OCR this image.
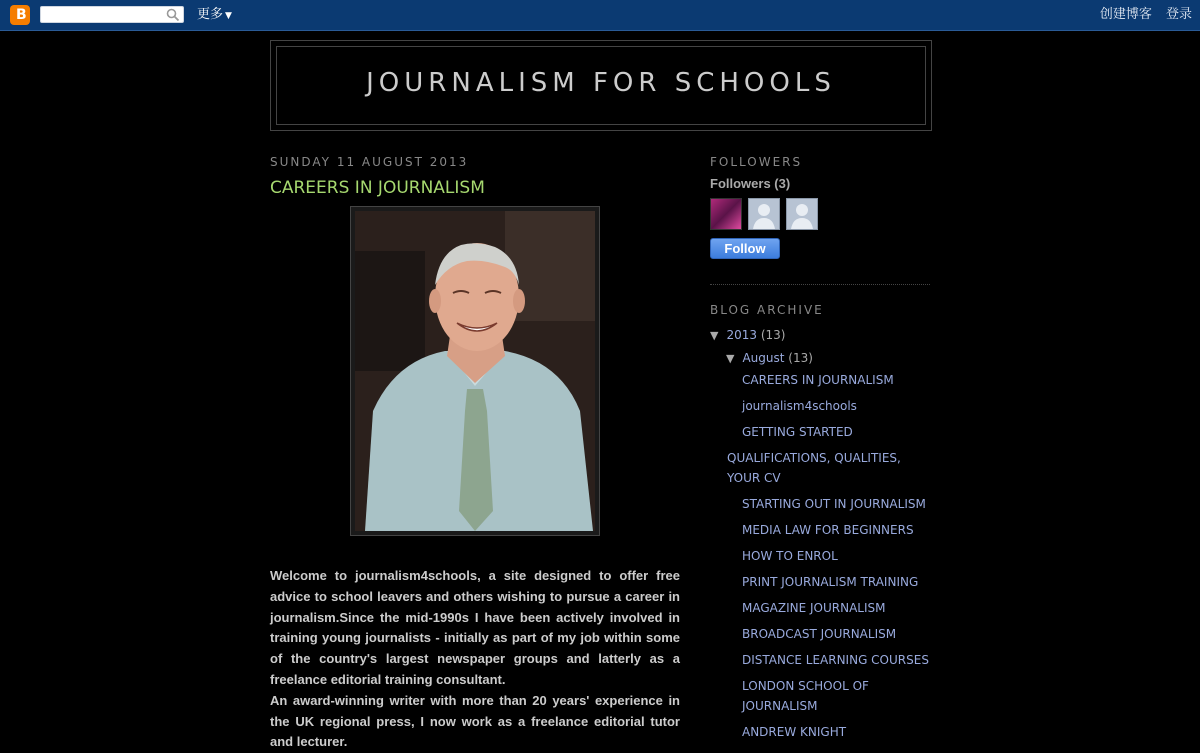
B	更多 ▼	创建博客 登录
JOURNALISM FOR SCHOOLS
SUNDAY 11 AUGUST 2013
CAREERS IN JOURNALISM

Welcome to journalism4schools, a site designed to offer free advice to school leavers and others wishing to pursue a career in journalism.Since the mid-1990s I have been actively involved in training young journalists - initially as part of my job within some of the country's largest newspaper groups and latterly as a freelance editorial training consultant.

An award-winning writer with more than 20 years' experience in the UK regional press, I now work as a freelance editorial tutor and lecturer.

FOLLOWERS
Followers (3)
Follow
BLOG ARCHIVE
▼ 2013 (13)
▼ August (13)
CAREERS IN JOURNALISM
journalism4schools
GETTING STARTED
QUALIFICATIONS, QUALITIES, YOUR CV
STARTING OUT IN JOURNALISM
MEDIA LAW FOR BEGINNERS
HOW TO ENROL
PRINT JOURNALISM TRAINING
MAGAZINE JOURNALISM
BROADCAST JOURNALISM
DISTANCE LEARNING COURSES
LONDON SCHOOL OF JOURNALISM
ANDREW KNIGHT
